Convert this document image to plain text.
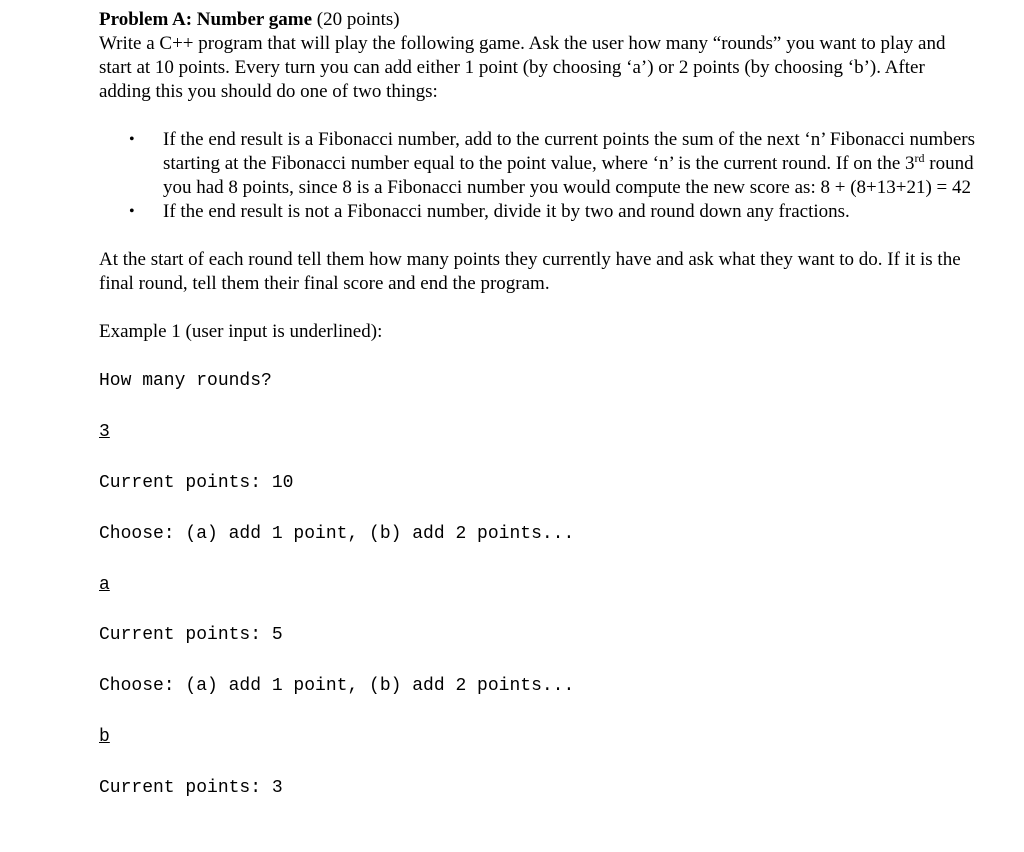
Problem A: Number game (20 points)

Write a C++ program that will play the following game. Ask the user how many “rounds” you want to play and start at 10 points. Every turn you can add either 1 point (by choosing ‘a’) or 2 points (by choosing ‘b’). After adding this you should do one of two things:

• If the end result is a Fibonacci number, add to the current points the sum of the next ‘n’ Fibonacci numbers starting at the Fibonacci number equal to the point value, where ‘n’ is the current round. If on the 3rd round you had 8 points, since 8 is a Fibonacci number you would compute the new score as: 8 + (8+13+21) = 42
• If the end result is not a Fibonacci number, divide it by two and round down any fractions.

At the start of each round tell them how many points they currently have and ask what they want to do. If it is the final round, tell them their final score and end the program.

Example 1 (user input is underlined):

How many rounds?

3

Current points: 10

Choose: (a) add 1 point, (b) add 2 points...

a

Current points: 5

Choose: (a) add 1 point, (b) add 2 points...

b

Current points: 3
